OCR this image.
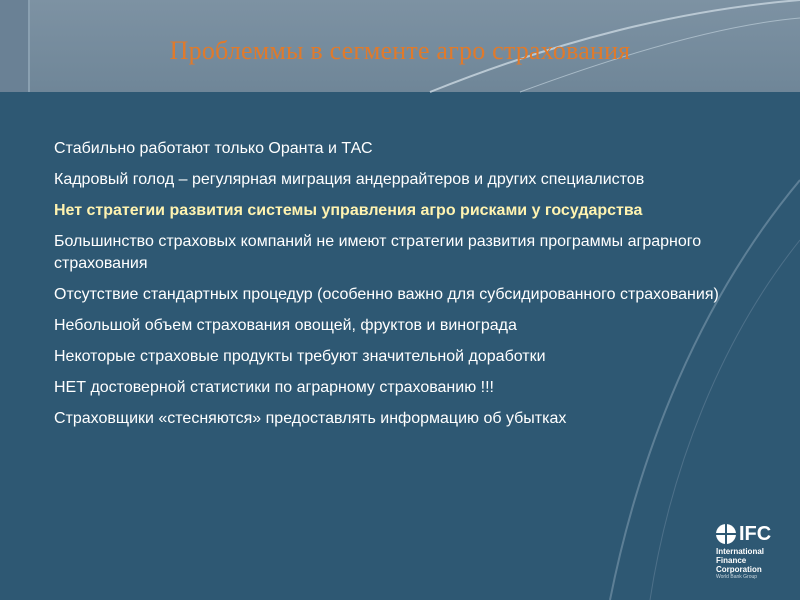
Проблеммы в сегменте агро страхования
Стабильно работают только Оранта и ТАС
Кадровый голод – регулярная миграция андеррайтеров и других специалистов
Нет стратегии развития системы управления агро рисками у государства
Большинство страховых компаний не имеют стратегии развития программы аграрного страхования
Отсутствие стандартных процедур (особенно важно для субсидированного страхования)
Небольшой объем страхования овощей, фруктов и винограда
Некоторые страховые продукты требуют значительной доработки
НЕТ достоверной статистики по аграрному страхованию !!!
Страховщики «стесняются» предоставлять информацию об убытках
IFC
International
Finance
Corporation
World Bank Group
